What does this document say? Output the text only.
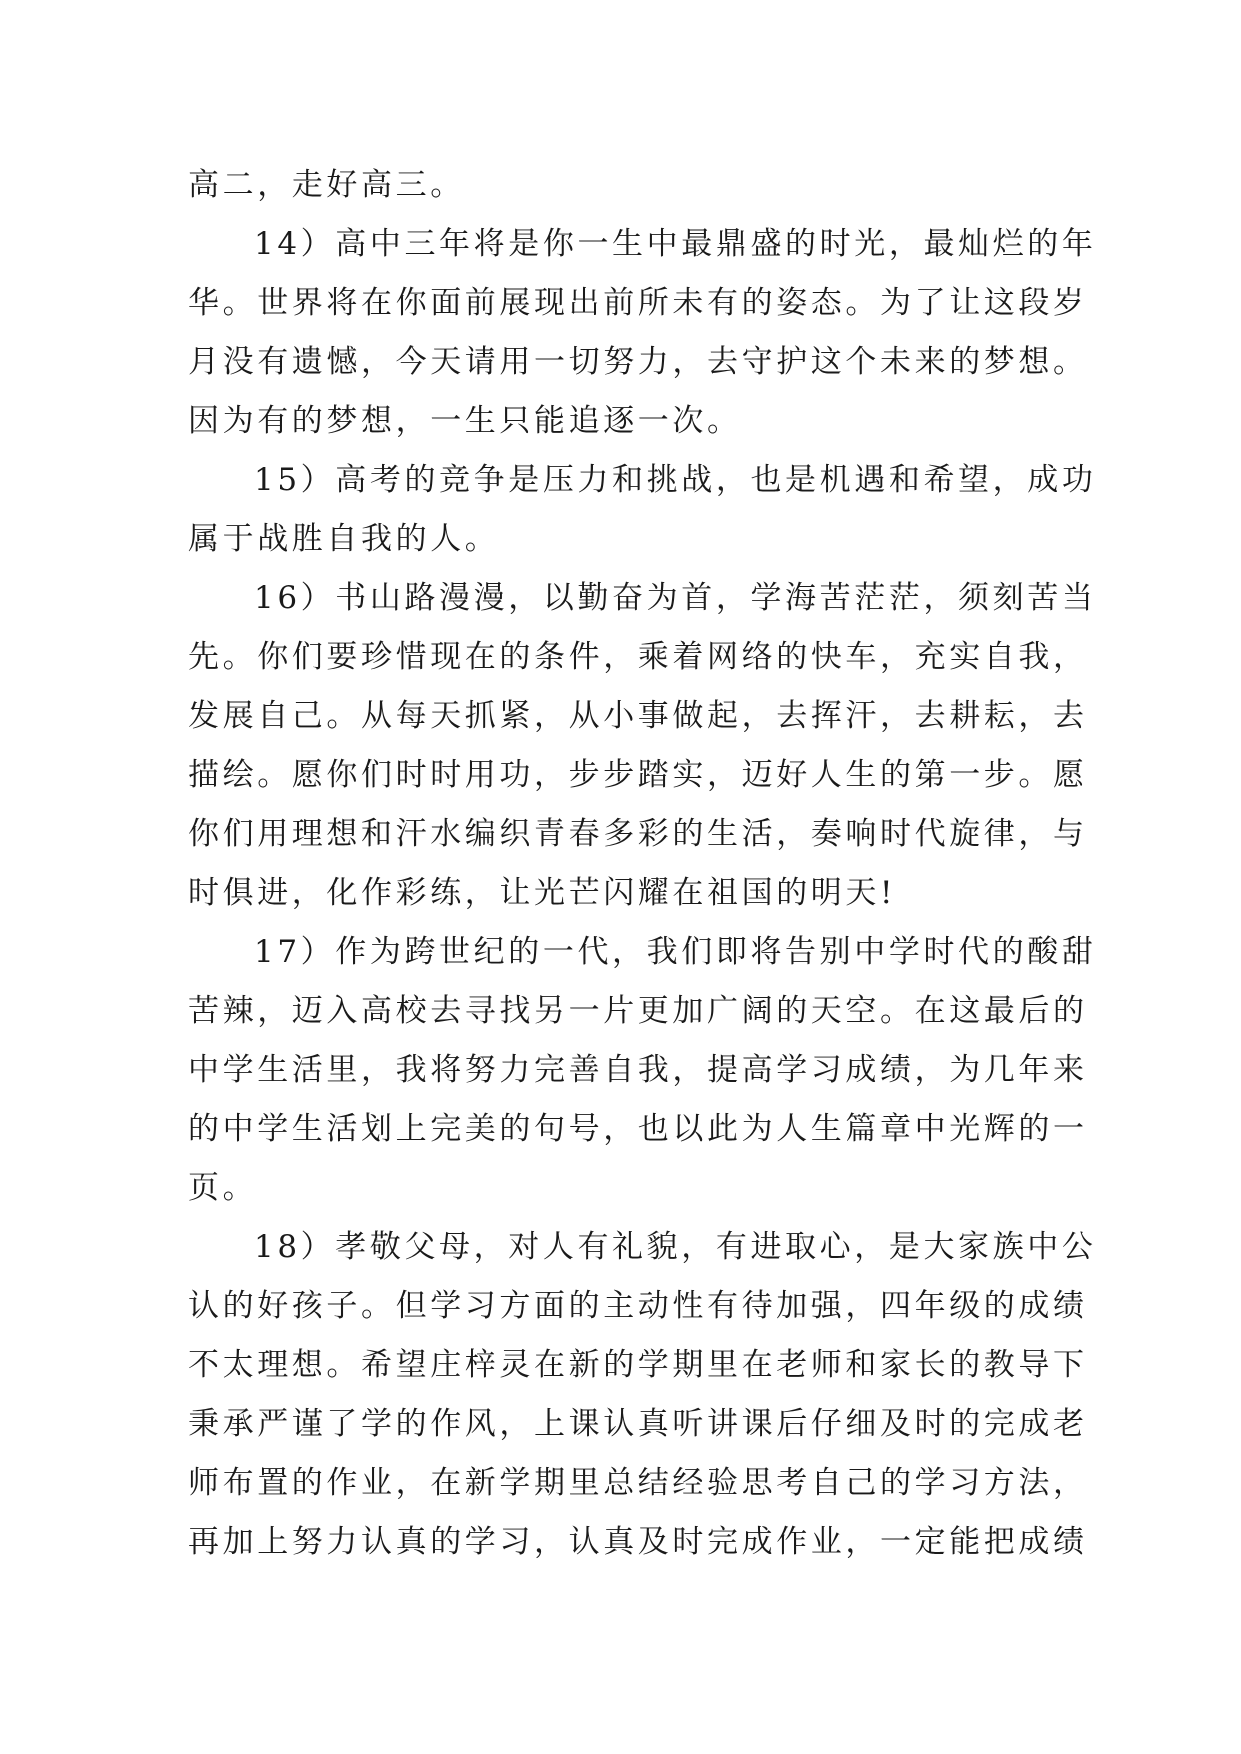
高二，走好高三。
14）高中三年将是你一生中最鼎盛的时光，最灿烂的年
华。世界将在你面前展现出前所未有的姿态。为了让这段岁
月没有遗憾，今天请用一切努力，去守护这个未来的梦想。
因为有的梦想，一生只能追逐一次。
15）高考的竞争是压力和挑战，也是机遇和希望，成功
属于战胜自我的人。
16）书山路漫漫，以勤奋为首，学海苦茫茫，须刻苦当
先。你们要珍惜现在的条件，乘着网络的快车，充实自我，
发展自己。从每天抓紧，从小事做起，去挥汗，去耕耘，去
描绘。愿你们时时用功，步步踏实，迈好人生的第一步。愿
你们用理想和汗水编织青春多彩的生活，奏响时代旋律，与
时俱进，化作彩练，让光芒闪耀在祖国的明天!
17）作为跨世纪的一代，我们即将告别中学时代的酸甜
苦辣，迈入高校去寻找另一片更加广阔的天空。在这最后的
中学生活里，我将努力完善自我，提高学习成绩，为几年来
的中学生活划上完美的句号，也以此为人生篇章中光辉的一
页。
18）孝敬父母，对人有礼貌，有进取心，是大家族中公
认的好孩子。但学习方面的主动性有待加强，四年级的成绩
不太理想。希望庄梓灵在新的学期里在老师和家长的教导下
秉承严谨了学的作风，上课认真听讲课后仔细及时的完成老
师布置的作业，在新学期里总结经验思考自己的学习方法，
再加上努力认真的学习，认真及时完成作业，一定能把成绩
